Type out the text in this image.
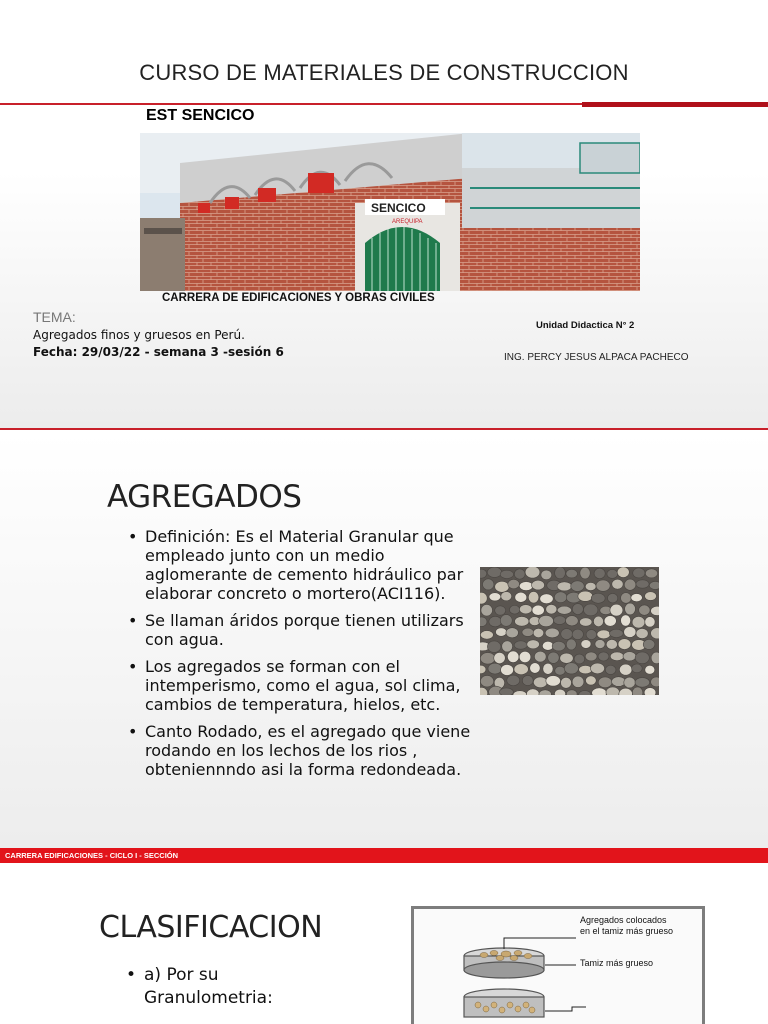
CURSO DE MATERIALES DE CONSTRUCCION
EST SENCICO
SENCICO
AREQUIPA
CARRERA DE EDIFICACIONES Y OBRAS CIVILES
TEMA:
Agregados finos y gruesos en Perú.
Fecha: 29/03/22 - semana 3 -sesión 6
Unidad Didactica N° 2
ING. PERCY JESUS ALPACA PACHECO
AGREGADOS
• Definición: Es el Material Granular que
empleado junto con un medio
aglomerante de cemento hidráulico par
elaborar concreto o mortero(ACI116).
• Se llaman áridos porque tienen utilizars
con agua.
• Los agregados se forman con el
intemperismo, como el agua, sol clima,
cambios de temperatura, hielos, etc.
• Canto Rodado, es el agregado que viene
rodando en los lechos de los rios ,
obteniennndo asi la forma redondeada.
CARRERA EDIFICACIONES - CICLO I - SECCIÓN
CLASIFICACION
• a) Por su
Granulometria:
Agregados colocados
en el tamiz más grueso
Tamiz más grueso
